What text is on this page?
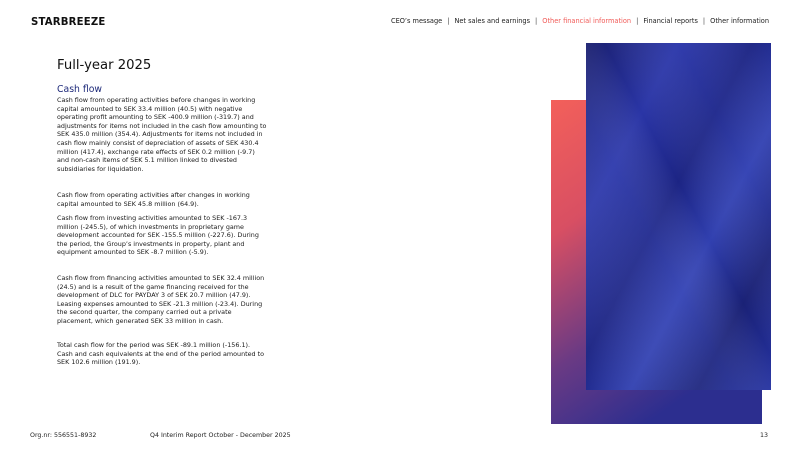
STARBREEZE	CEO’s message | Net sales and earnings | Other financial information | Financial reports | Other information
Full-year 2025
Cash flow

Cash flow from operating activities before changes in working capital amounted to SEK 33.4 million (40.5) with negative operating profit amounting to SEK -400.9 million (-319.7) and adjustments for items not included in the cash flow amounting to SEK 435.0 million (354.4). Adjustments for items not included in cash flow mainly consist of depreciation of assets of SEK 430.4 million (417.4), exchange rate effects of SEK 0.2 million (-9.7) and non-cash items of SEK 5.1 million linked to divested subsidiaries for liquidation.

Cash flow from operating activities after changes in working capital amounted to SEK 45.8 million (64.9).

Cash flow from investing activities amounted to SEK -167.3 million (-245.5), of which investments in proprietary game development accounted for SEK -155.5 million (-227.6). During the period, the Group’s investments in property, plant and equipment amounted to SEK -8.7 million (-5.9).

Cash flow from financing activities amounted to SEK 32.4 million (24.5) and is a result of the game financing received for the development of DLC for PAYDAY 3 of SEK 20.7 million (47.9). Leasing expenses amounted to SEK -21.3 million (-23.4). During the second quarter, the company carried out a private placement, which generated SEK 33 million in cash.

Total cash flow for the period was SEK -89.1 million (-156.1). Cash and cash equivalents at the end of the period amounted to SEK 102.6 million (191.9).

Org.nr: 556551-8932	Q4 Interim Report October - December 2025	13
